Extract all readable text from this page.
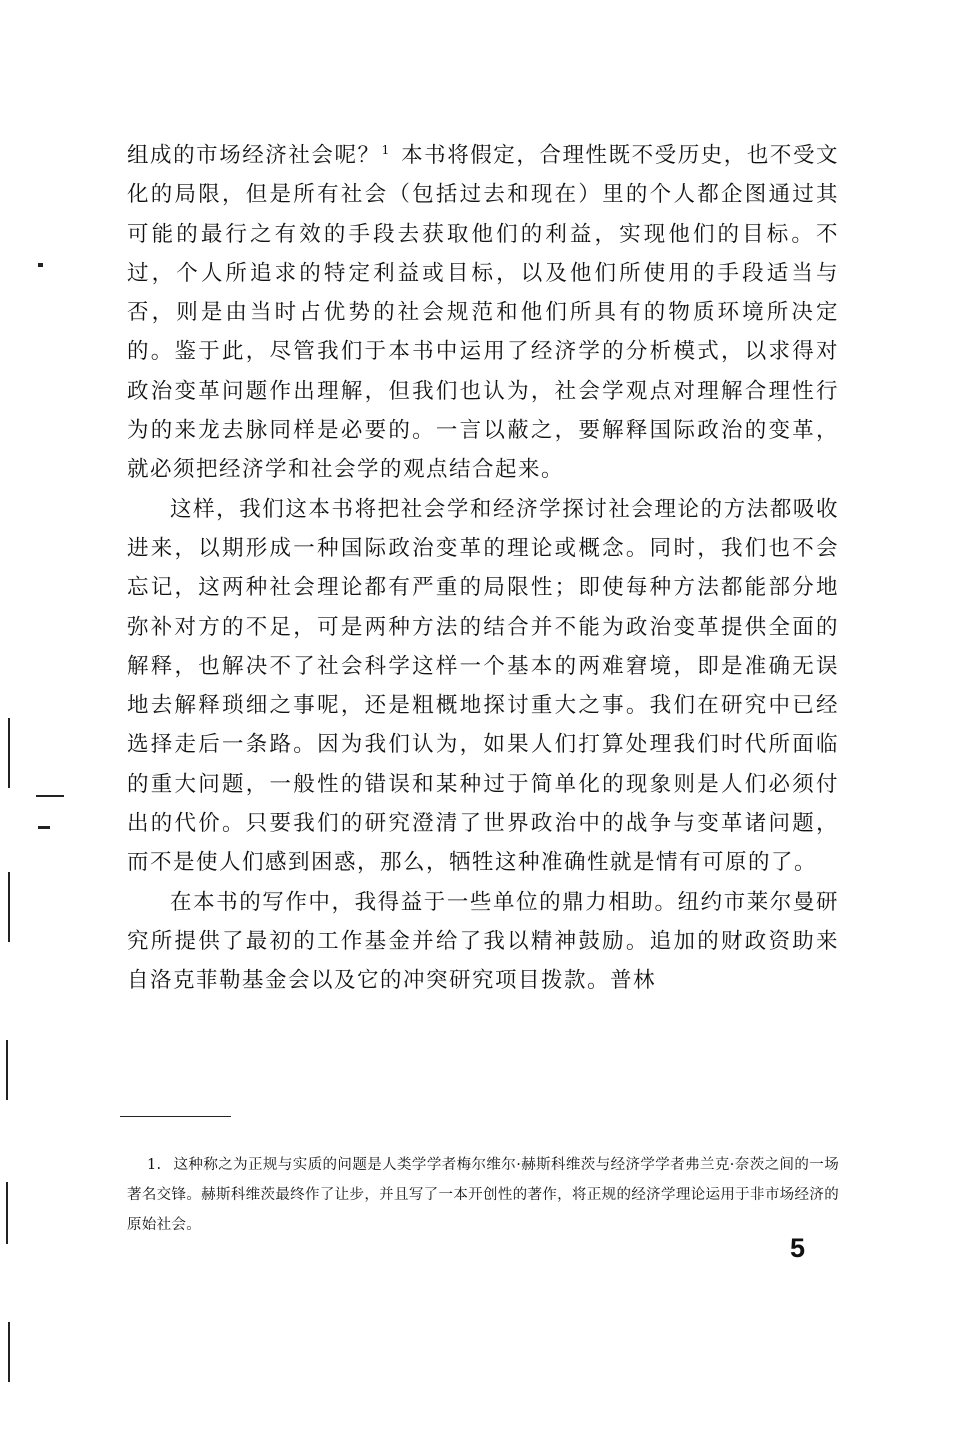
组成的市场经济社会呢？$^1$ 本书将假定，合理性既不受历史，也不受文化的局限，但是所有社会（包括过去和现在）里的个人都企图通过其可能的最行之有效的手段去获取他们的利益，实现他们的目标。不过，个人所追求的特定利益或目标，以及他们所使用的手段适当与否，则是由当时占优势的社会规范和他们所具有的物质环境所决定的。鉴于此，尽管我们于本书中运用了经济学的分析模式，以求得对政治变革问题作出理解，但我们也认为，社会学观点对理解合理性行为的来龙去脉同样是必要的。一言以蔽之，要解释国际政治的变革，就必须把经济学和社会学的观点结合起来。

这样，我们这本书将把社会学和经济学探讨社会理论的方法都吸收进来，以期形成一种国际政治变革的理论或概念。同时，我们也不会忘记，这两种社会理论都有严重的局限性；即使每种方法都能部分地弥补对方的不足，可是两种方法的结合并不能为政治变革提供全面的解释，也解决不了社会科学这样一个基本的两难窘境，即是准确无误地去解释琐细之事呢，还是粗概地探讨重大之事。我们在研究中已经选择走后一条路。因为我们认为，如果人们打算处理我们时代所面临的重大问题，一般性的错误和某种过于简单化的现象则是人们必须付出的代价。只要我们的研究澄清了世界政治中的战争与变革诸问题，而不是使人们感到困惑，那么，牺牲这种准确性就是情有可原的了。

在本书的写作中，我得益于一些单位的鼎力相助。纽约市莱尔曼研究所提供了最初的工作基金并给了我以精神鼓励。追加的财政资助来自洛克菲勒基金会以及它的冲突研究项目拨款。普林

1. 这种称之为正规与实质的问题是人类学学者梅尔维尔·赫斯科维茨与经济学学者弗兰克·奈茨之间的一场著名交锋。赫斯科维茨最终作了让步，并且写了一本开创性的著作，将正规的经济学理论运用于非市场经济的原始社会。
5
